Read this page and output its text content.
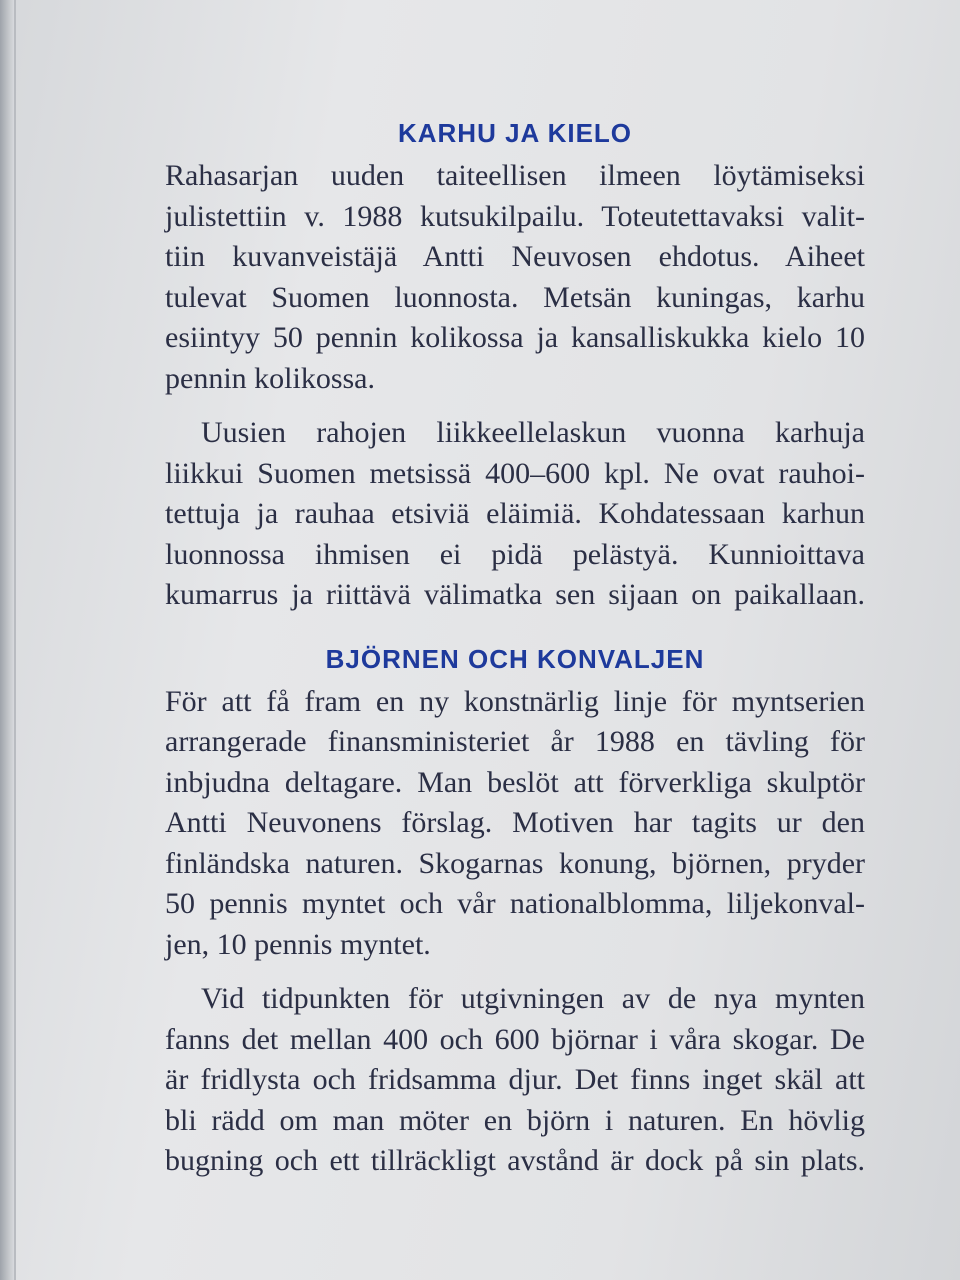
KARHU JA KIELO
Rahasarjan uuden taiteellisen ilmeen löytämiseksi
julistettiin v. 1988 kutsukilpailu. Toteutettavaksi valit-
tiin kuvanveistäjä Antti Neuvosen ehdotus. Aiheet
tulevat Suomen luonnosta. Metsän kuningas, karhu
esiintyy 50 pennin kolikossa ja kansalliskukka kielo 10
pennin kolikossa.
Uusien rahojen liikkeellelaskun vuonna karhuja
liikkui Suomen metsissä 400–600 kpl. Ne ovat rauhoi-
tettuja ja rauhaa etsiviä eläimiä. Kohdatessaan karhun
luonnossa ihmisen ei pidä pelästyä. Kunnioittava
kumarrus ja riittävä välimatka sen sijaan on paikallaan.
BJÖRNEN OCH KONVALJEN
För att få fram en ny konstnärlig linje för myntserien
arrangerade finansministeriet år 1988 en tävling för
inbjudna deltagare. Man beslöt att förverkliga skulptör
Antti Neuvonens förslag. Motiven har tagits ur den
finländska naturen. Skogarnas konung, björnen, pryder
50 pennis myntet och vår nationalblomma, liljekonval-
jen, 10 pennis myntet.
Vid tidpunkten för utgivningen av de nya mynten
fanns det mellan 400 och 600 björnar i våra skogar. De
är fridlysta och fridsamma djur. Det finns inget skäl att
bli rädd om man möter en björn i naturen. En hövlig
bugning och ett tillräckligt avstånd är dock på sin plats.
